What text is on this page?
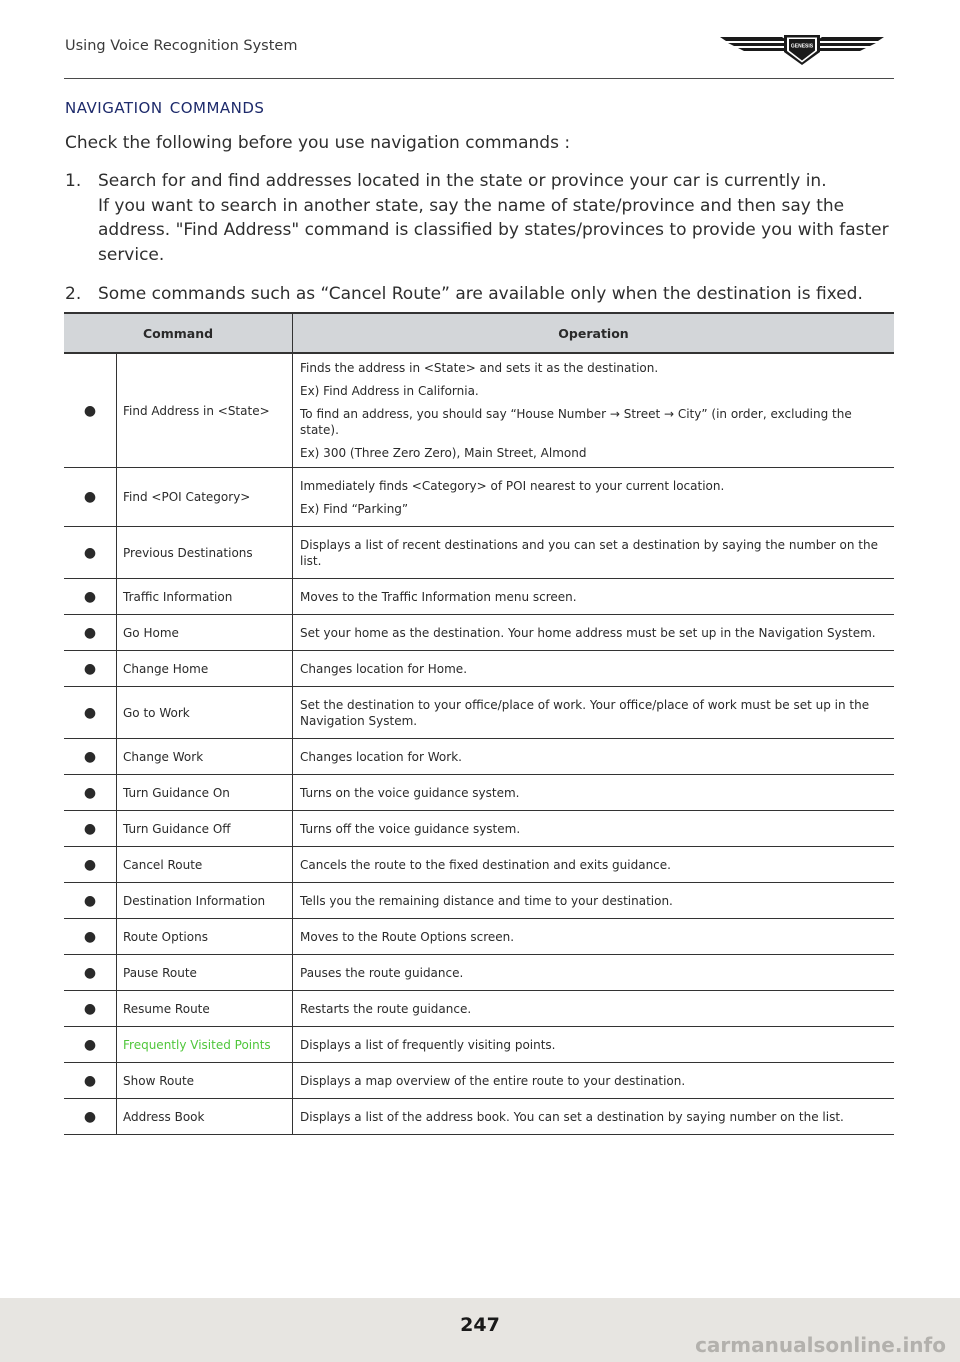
Using Voice Recognition System	GENESIS
navigation commands
Check the following before you use navigation commands :
1. Search for and find addresses located in the state or province your car is currently in.
If you want to search in another state, say the name of state/province and then say the address. "Find Address" command is classified by states/provinces to provide you with faster service.
2. Some commands such as “Cancel Route” are available only when the destination is fixed.
Command		Operation
●	Find Address in <State>	Finds the address in <State> and sets it as the destination.
Ex) Find Address in California.
To find an address, you should say “House Number → Street → City” (in order, excluding the state).
Ex) 300 (Three Zero Zero), Main Street, Almond

●	Find <POI Category>	Immediately finds <Category> of POI nearest to your current location.
Ex) Find “Parking”

●	Previous Destinations	Displays a list of recent destinations and you can set a destination by saying the number on the list.

●	Traffic Information	Moves to the Traffic Information menu screen.

●	Go Home	Set your home as the destination. Your home address must be set up in the Navigation System.

●	Change Home	Changes location for Home.

●	Go to Work	Set the destination to your office/place of work. Your office/place of work must be set up in the Navigation System.

●	Change Work	Changes location for Work.

●	Turn Guidance On	Turns on the voice guidance system.

●	Turn Guidance Off	Turns off the voice guidance system.

●	Cancel Route	Cancels the route to the fixed destination and exits guidance.

●	Destination Information	Tells you the remaining distance and time to your destination.

●	Route Options	Moves to the Route Options screen.

●	Pause Route	Pauses the route guidance.

●	Resume Route	Restarts the route guidance.

●	Frequently Visited Points	Displays a list of frequently visiting points.

●	Show Route	Displays a map overview of the entire route to your destination.

●	Address Book	Displays a list of the address book. You can set a destination by saying number on the list.
247
carmanualsonline.info
